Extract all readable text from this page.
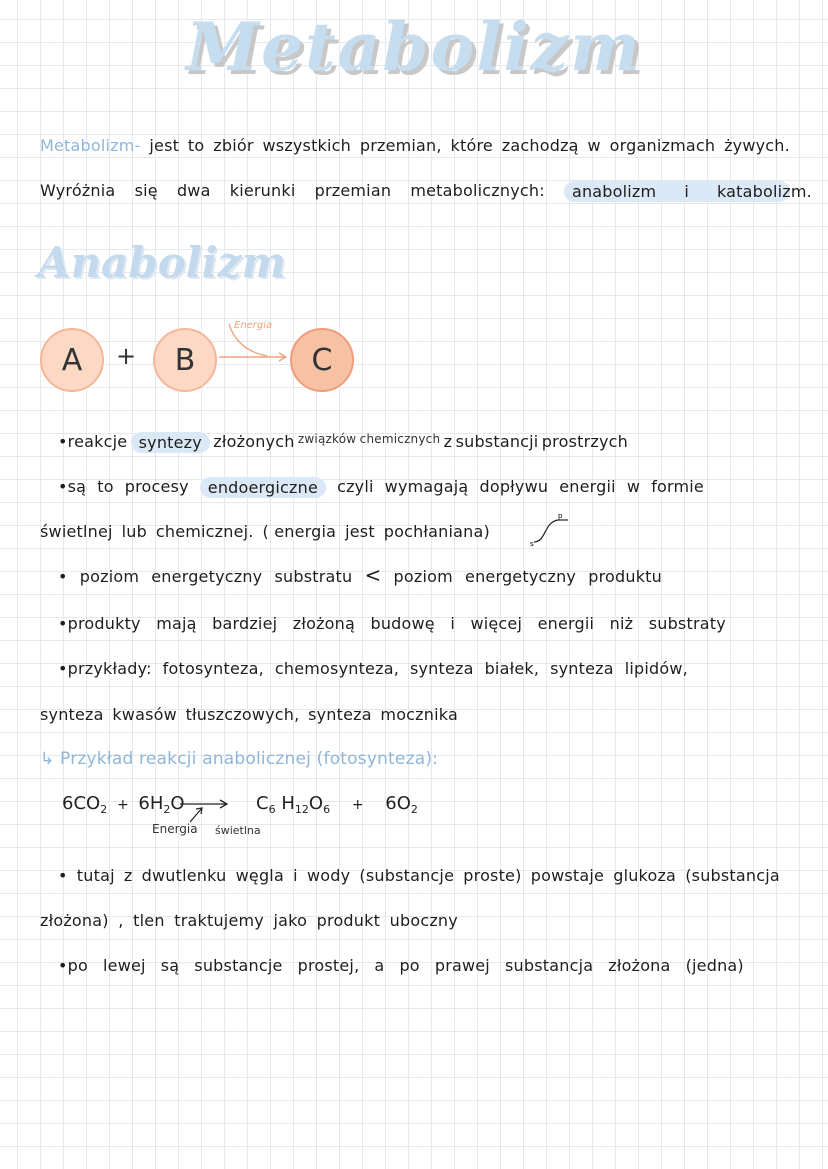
Metabolizm
Metabolizm- jest to zbiór wszystkich przemian, które zachodzą w organizmach żywych.
Wyróżnia się dwa kierunki przemian metabolicznych: anabolizm i katabolizm.
Anabolizm
A	+	B	C
Energia
•reakcje syntezy złożonych związków chemicznych z substancji prostrzych
•są to procesy	endoergiczne	czyli wymagają dopływu energii w formie
świetlnej lub chemicznej. ( energia jest pochłaniana)
s
p
• poziom energetyczny substratu < poziom energetyczny produktu
•produkty mają bardziej złożoną budowę i więcej energii niż substraty
•przykłady: fotosynteza, chemosynteza, synteza białek, synteza lipidów,
synteza kwasów tłuszczowych, synteza mocznika
↳ Przykład reakcji anabolicznej (fotosynteza):
$6CO_2 + 6H_2O$	$C_6$ $H_{12}O_6 + 6O_2$
Energia świetlna
• tutaj z dwutlenku węgla i wody (substancje proste) powstaje glukoza (substancja
złożona) , tlen traktujemy jako produkt uboczny
•po lewej są substancje prostej, a po prawej substancja złożona (jedna)
